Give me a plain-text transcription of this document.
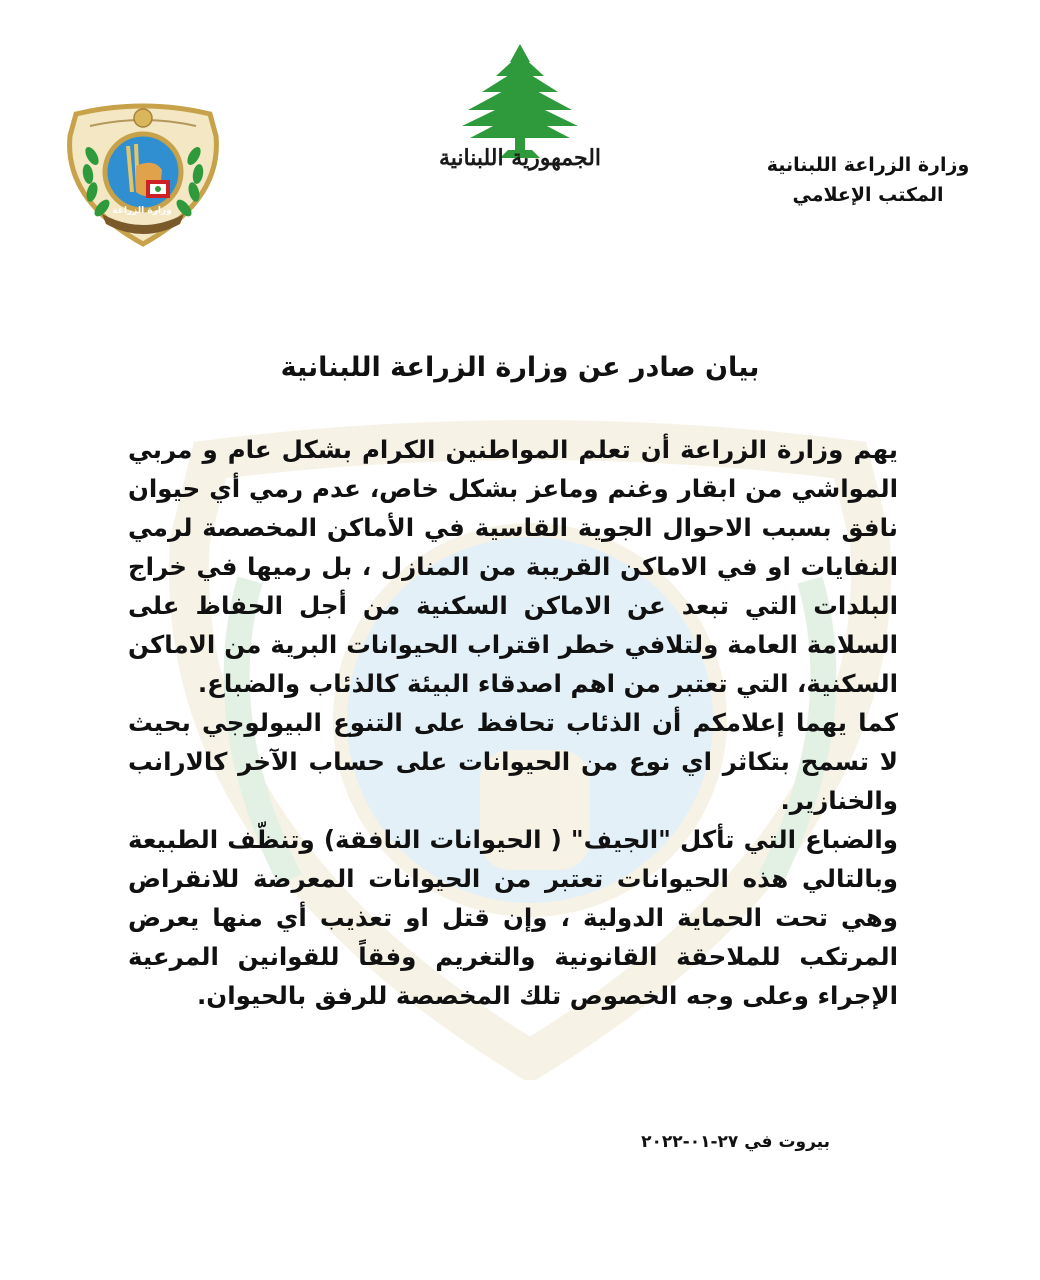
وزارة الزراعة
الجمهورية اللبنانية	وزارة الزراعة اللبنانية
المكتب الإعلامي
بيان صادر عن وزارة الزراعة اللبنانية

يهم وزارة الزراعة أن تعلم المواطنين الكرام بشكل عام و مربي المواشي من ابقار وغنم وماعز بشكل خاص، عدم رمي أي حيوان نافق بسبب الاحوال الجوية القاسية في الأماكن المخصصة لرمي النفايات او في الاماكن القريبة من المنازل ، بل رميها في خراج البلدات التي تبعد عن الاماكن السكنية من أجل الحفاظ على السلامة العامة ولتلافي خطر اقتراب الحيوانات البرية من الاماكن السكنية، التي تعتبر من اهم اصدقاء البيئة كالذئاب والضباع.

كما يهما إعلامكم أن الذئاب تحافظ على التنوع البيولوجي بحيث لا تسمح بتكاثر اي نوع من الحيوانات على حساب الآخر كالارانب والخنازير.

والضباع التي تأكل "الجيف" ( الحيوانات النافقة) وتنظّف الطبيعة وبالتالي هذه الحيوانات تعتبر من الحيوانات المعرضة للانقراض وهي تحت الحماية الدولية ، وإن قتل او تعذيب أي منها يعرض المرتكب للملاحقة القانونية والتغريم وفقاً للقوانين المرعية الإجراء وعلى وجه الخصوص تلك المخصصة للرفق بالحيوان.

بيروت في ٢٧-٠١-٢٠٢٢
